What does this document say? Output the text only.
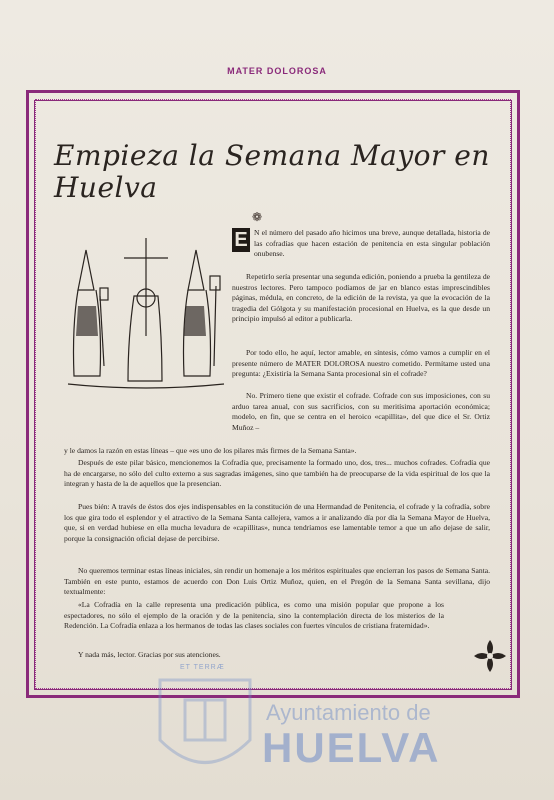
MATER DOLOROSA
Empieza la Semana Mayor en Huelva
❁
E N el número del pasado año hicimos una breve, aunque detallada, historia de las cofradías que hacen estación de penitencia en esta singular población onubense.
Repetirlo sería presentar una segunda edición, poniendo a prueba la gentileza de nuestros lectores. Pero tampoco podíamos de jar en blanco estas imprescindibles páginas, médula, en concreto, de la edición de la revista, ya que la evocación de la tragedia del Gólgota y su manifestación procesional en Huelva, es la que desde un principio impulsó al editor a publicarla.
Por todo ello, he aquí, lector amable, en síntesis, cómo vamos a cumplir en el presente número de MATER DOLOROSA nuestro cometido. Permítame usted una pregunta: ¿Existiría la Semana Santa procesional sin el cofrade?
No. Primero tiene que existir el cofrade. Cofrade con sus imposiciones, con su arduo tarea anual, con sus sacrificios, con su meritísima aportación económica; modelo, en fin, que se centra en el heroico «capillita», del que dice el Sr. Ortiz Muñoz –
y le damos la razón en estas líneas – que «es uno de los pilares más firmes de la Semana Santa».
Después de este pilar básico, mencionemos la Cofradía que, precisamente la formado uno, dos, tres... muchos cofrades. Cofradía que ha de encargarse, no sólo del culto externo a sus sagradas imágenes, sino que también ha de preocuparse de la vida espiritual de los que la integran y hasta de la de aquellos que la presencian.
Pues bién: A través de éstos dos ejes indispensables en la constitución de una Hermandad de Penitencia, el cofrade y la cofradía, sobre los que gira todo el esplendor y el atractivo de la Semana Santa callejera, vamos a ir analizando día por día la Semana Mayor de Huelva, que, si en verdad hubiese en ella mucha levadura de «capillitas», nunca tendríamos ese lamentable temor a que un año dejase de salir, porque la consignación oficial dejase de percibirse.
No queremos terminar estas líneas iniciales, sin rendir un homenaje a los méritos espirituales que encierran los pasos de Semana Santa. También en este punto, estamos de acuerdo con Don Luis Ortiz Muñoz, quien, en el Pregón de la Semana Santa sevillana, dijo textualmente:
«La Cofradía en la calle representa una predicación pública, es como una misión popular que propone a los espectadores, no sólo el ejemplo de la oración y de la penitencia, sino la contemplación directa de los misterios de la Redención. La Cofradía enlaza a los hermanos de todas las clases sociales con fuertes vínculos de cristiana fraternidad».
Y nada más, lector. Gracias por sus atenciones.
ET TERRÆ
Ayuntamiento de
HUELVA
